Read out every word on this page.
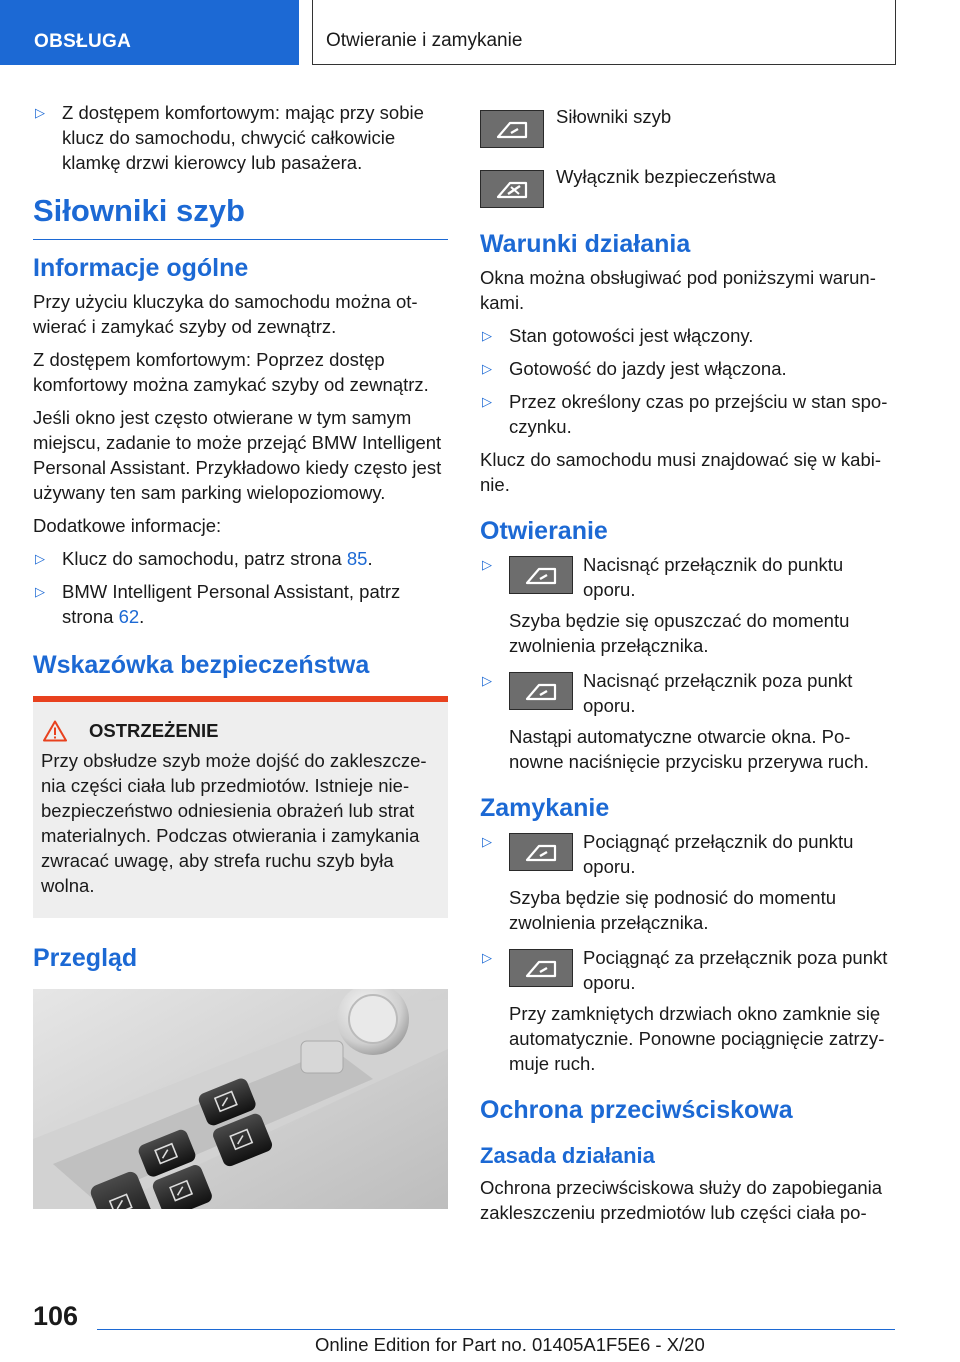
OBSŁUGA	Otwieranie i zamykanie
▷ Z dostępem komfortowym: mając przy sobie klucz do samochodu, chwycić całkowicie klamkę drzwi kierowcy lub pasażera.
Siłowniki szyb
Informacje ogólne

Przy użyciu kluczyka do samochodu można otwierać i zamykać szyby od zewnątrz.

Z dostępem komfortowym: Poprzez dostęp komfortowy można zamykać szyby od zewnątrz.

Jeśli okno jest często otwierane w tym samym miejscu, zadanie to może przejąć BMW Intelligent Personal Assistant. Przykładowo kiedy często jest używany ten sam parking wielopoziomowy.

Dodatkowe informacje:

▷ Klucz do samochodu, patrz strona 85.
▷ BMW Intelligent Personal Assistant, patrz strona 62.
Wskazówka bezpieczeństwa
OSTRZEŻENIE
Przy obsłudze szyb może dojść do zakleszczenia części ciała lub przedmiotów. Istnieje niebezpieczeństwo odniesienia obrażeń lub strat materialnych. Podczas otwierania i zamykania zwracać uwagę, aby strefa ruchu szyb była wolna.
Przegląd
Siłowniki szyb
Wyłącznik bezpieczeństwa
Warunki działania

Okna można obsługiwać pod poniższymi warunkami.

▷ Stan gotowości jest włączony.
▷ Gotowość do jazdy jest włączona.
▷ Przez określony czas po przejściu w stan spoczynku.

Klucz do samochodu musi znajdować się w kabinie.

Otwieranie
▷	Nacisnąć przełącznik do punktu oporu.
Szyba będzie się opuszczać do momentu zwolnienia przełącznika.
▷	Nacisnąć przełącznik poza punkt oporu.
Nastąpi automatyczne otwarcie okna. Ponowne naciśnięcie przycisku przerywa ruch.
Zamykanie
▷	Pociągnąć przełącznik do punktu oporu.
Szyba będzie się podnosić do momentu zwolnienia przełącznika.
▷	Pociągnąć za przełącznik poza punkt oporu.
Przy zamkniętych drzwiach okno zamknie się automatycznie. Ponowne pociągnięcie zatrzymuje ruch.
Ochrona przeciwściskowa
Zasada działania

Ochrona przeciwściskowa służy do zapobiegania zakleszczeniu przedmiotów lub części ciała po-

106
Online Edition for Part no. 01405A1F5E6 - X/20
